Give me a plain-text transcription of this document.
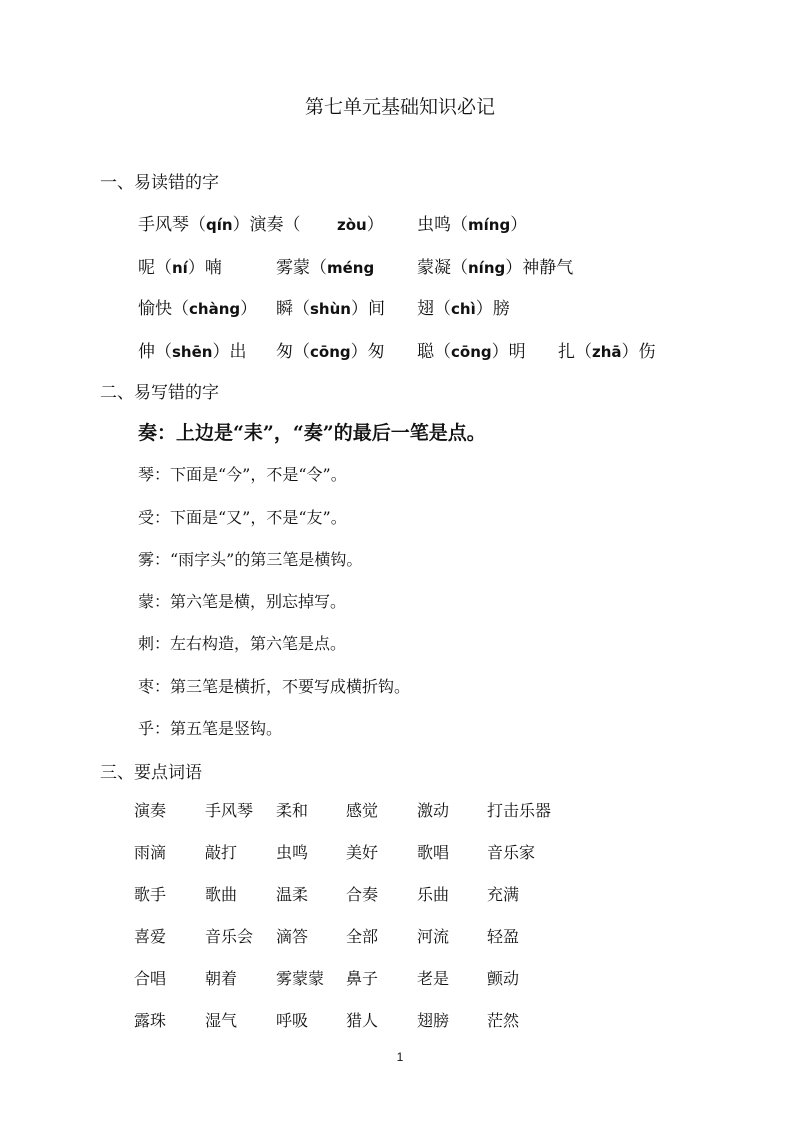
第七单元基础知识必记
一、易读错的字
手风琴（qín）演奏（ zòu） 虫鸣（míng）
呢（ní）喃	雾蒙（méng	蒙凝（níng）神静气
愉快（chàng） 瞬（shùn）间 翅（chì）膀
伸（shēn）出 匆（cōng）匆 聪（cōng）明 扎（zhā）伤
二、易写错的字
奏：上边是“耒”，“奏”的最后一笔是点。
琴：下面是“今”，不是“令”。
受：下面是“又”，不是“友”。
雾：“雨字头”的第三笔是横钩。
蒙：第六笔是横，别忘掉写。
刺：左右构造，第六笔是点。
枣：第三笔是横折，不要写成横折钩。
乎：第五笔是竖钩。
三、要点词语
演奏 手风琴 柔和 感觉 激动 打击乐器
雨滴 敲打 虫鸣 美好 歌唱 音乐家
歌手 歌曲 温柔 合奏 乐曲 充满
喜爱 音乐会 滴答 全部 河流 轻盈
合唱 朝着 雾蒙蒙 鼻子 老是 颤动
露珠 湿气 呼吸 猎人 翅膀 茫然
1
